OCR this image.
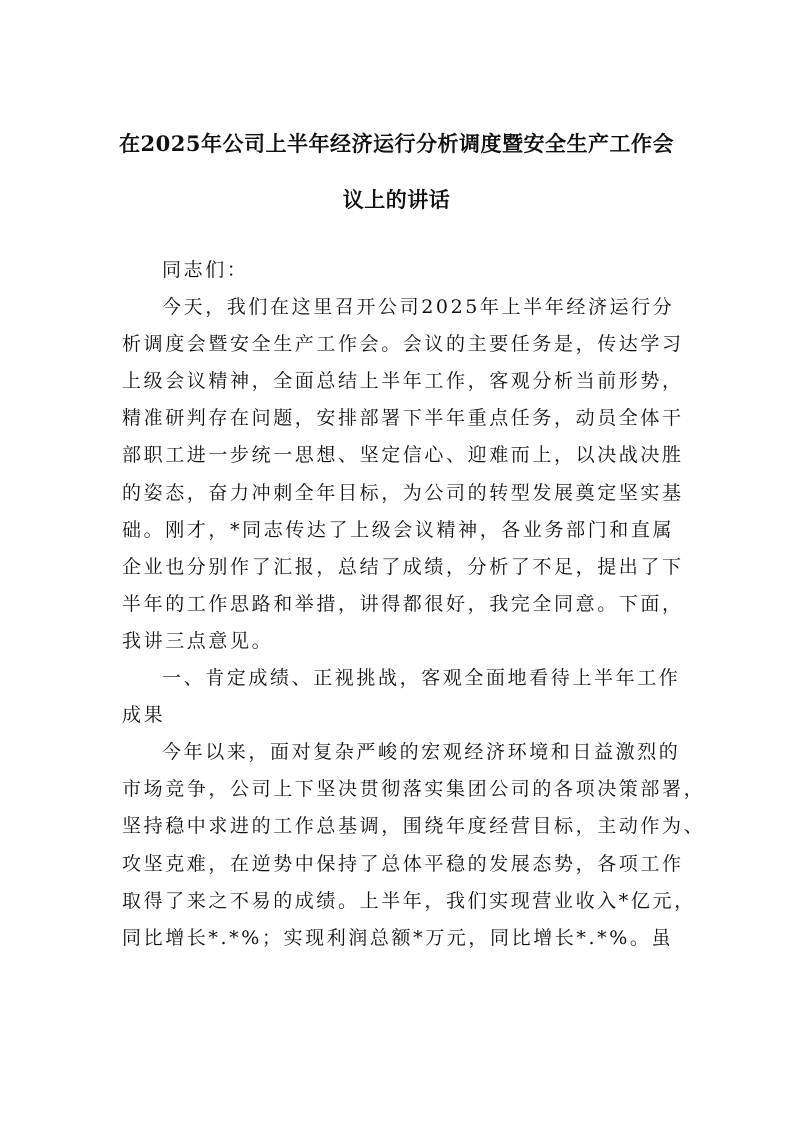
在2025年公司上半年经济运行分析调度暨安全生产工作会
议上的讲话
同志们：
今天，我们在这里召开公司2025年上半年经济运行分
析调度会暨安全生产工作会。会议的主要任务是，传达学习
上级会议精神，全面总结上半年工作，客观分析当前形势，
精准研判存在问题，安排部署下半年重点任务，动员全体干
部职工进一步统一思想、坚定信心、迎难而上，以决战决胜
的姿态，奋力冲刺全年目标，为公司的转型发展奠定坚实基
础。刚才，*同志传达了上级会议精神，各业务部门和直属
企业也分别作了汇报，总结了成绩，分析了不足，提出了下
半年的工作思路和举措，讲得都很好，我完全同意。下面，
我讲三点意见。
一、肯定成绩、正视挑战，客观全面地看待上半年工作
成果
今年以来，面对复杂严峻的宏观经济环境和日益激烈的
市场竞争，公司上下坚决贯彻落实集团公司的各项决策部署，
坚持稳中求进的工作总基调，围绕年度经营目标，主动作为、
攻坚克难，在逆势中保持了总体平稳的发展态势，各项工作
取得了来之不易的成绩。上半年，我们实现营业收入*亿元，
同比增长*.*%；实现利润总额*万元，同比增长*.*%。虽
